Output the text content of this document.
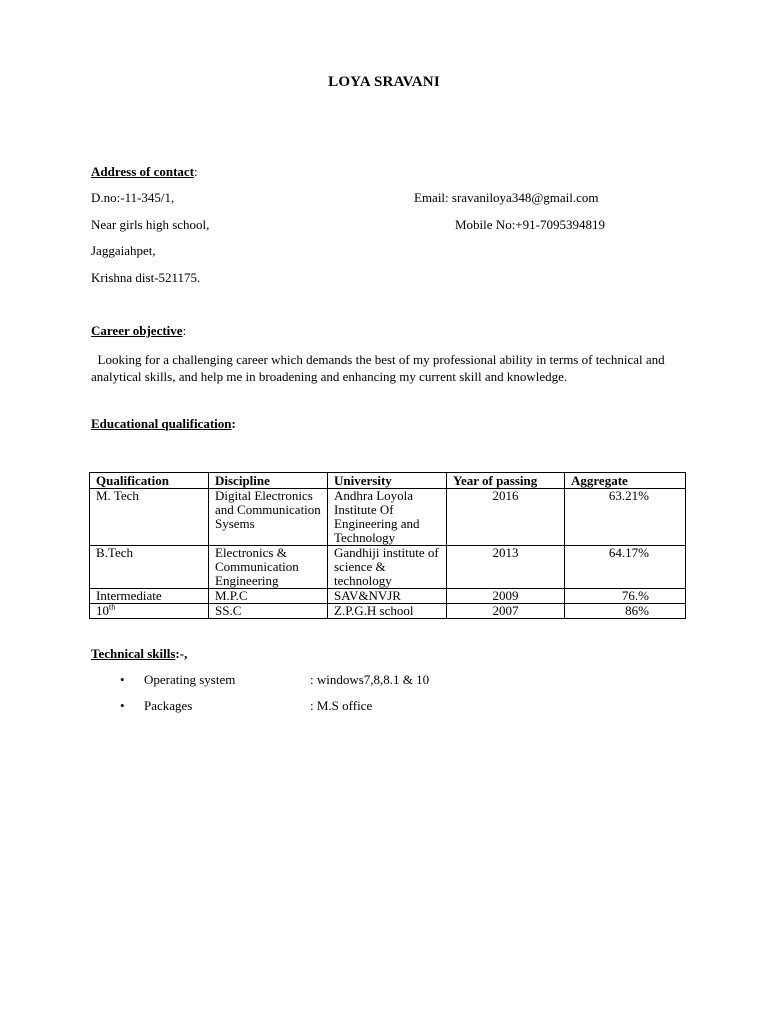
LOYA SRAVANI
Address of contact:
D.no:-11-345/1,	Email: sravaniloya348@gmail.com
Near girls high school,	Mobile No:+91-7095394819
Jaggaiahpet,
Krishna dist-521175.
Career objective:
Looking for a challenging career which demands the best of my professional ability in terms of technical and analytical skills, and help me in broadening and enhancing my current skill and knowledge.
Educational qualification:
Qualification	Discipline	University	Year of passing	Aggregate
M. Tech	Digital Electronics and Communication Sysems	Andhra Loyola Institute Of Engineering and Technology	2016	63.21%
B.Tech	Electronics & Communication Engineering	Gandhiji institute of science & technology	2013	64.17%
Intermediate	M.P.C	SAV&NVJR	2009	76.%
10th	SS.C	Z.P.G.H school	2007	86%
Technical skills:-,
• Operating system	: windows7,8,8.1 & 10
• Packages	: M.S office
